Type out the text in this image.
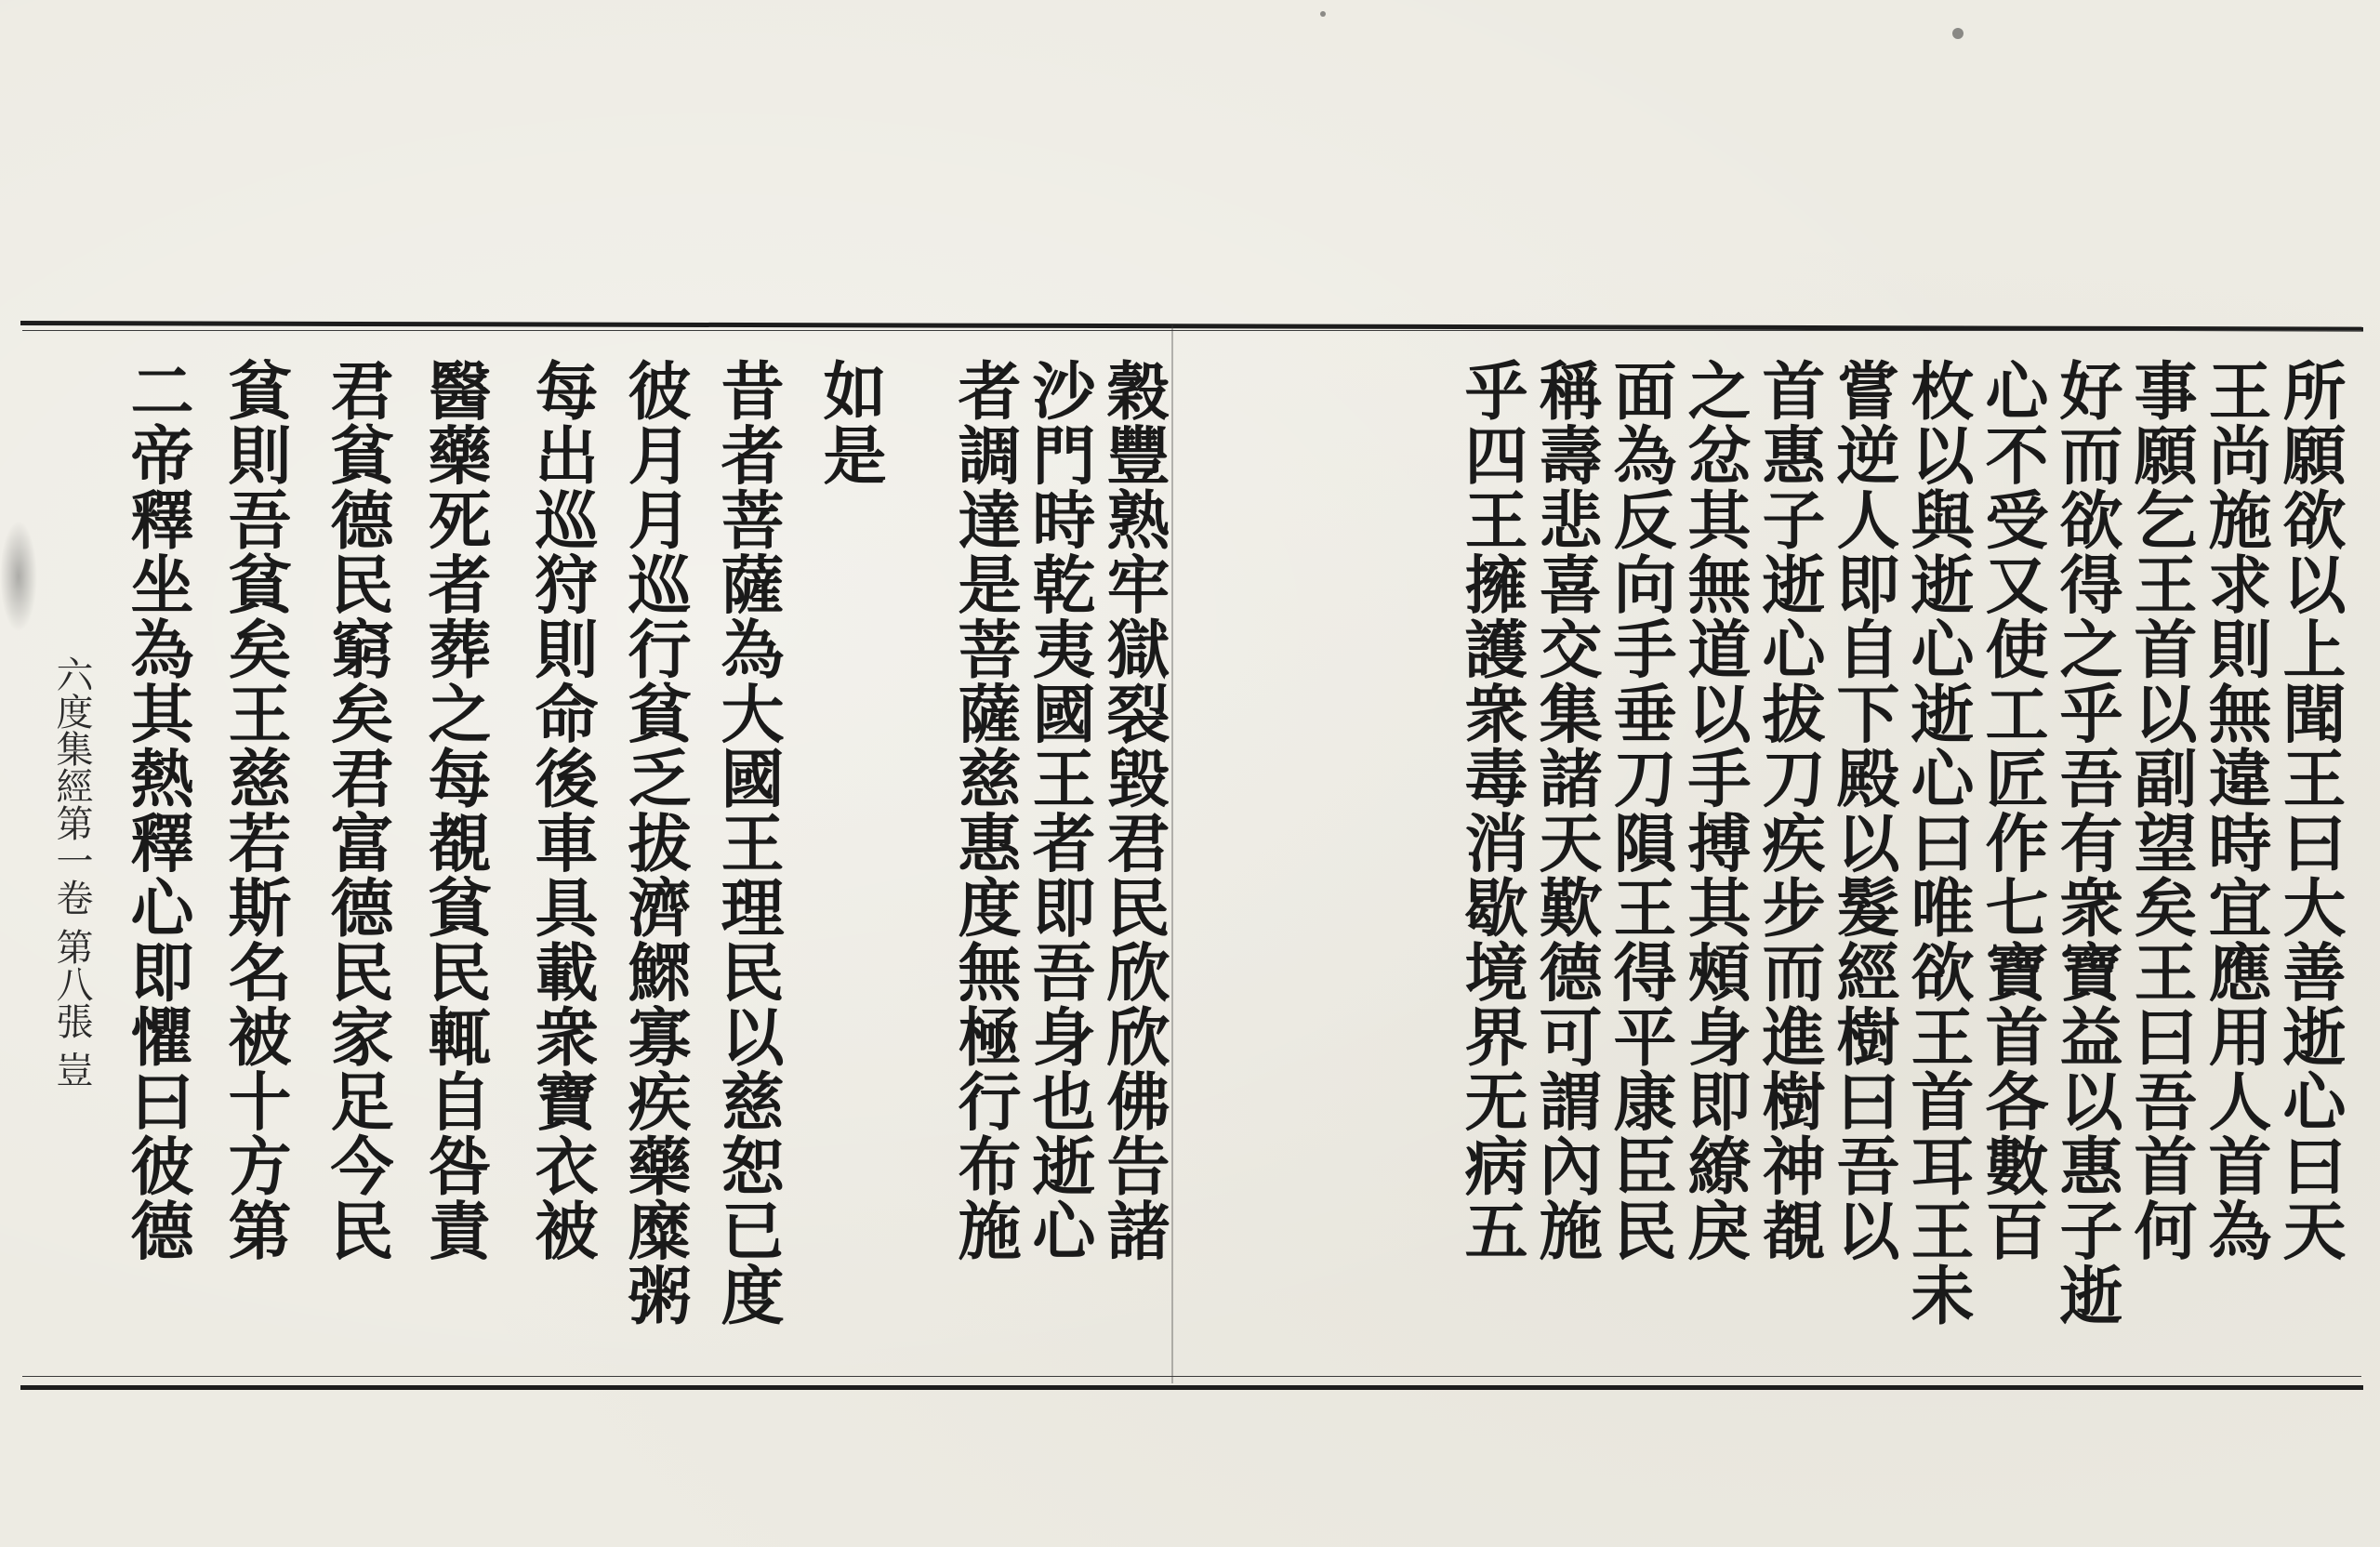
所願欲以上聞王曰大善逝心曰天
王尚施求則無違時宜應用人首為
事願乞王首以副望矣王曰吾首何
好而欲得之乎吾有衆寶益以惠子逝
心不受又使工匠作七寶首各數百
枚以與逝心逝心曰唯欲王首耳王未
嘗逆人即自下殿以髮經樹曰吾以
首惠子逝心拔刀疾步而進樹神覩
之忿其無道以手搏其頰身即繚戾
面為反向手垂刀隕王得平康臣民
稱壽悲喜交集諸天歎德可謂內施
乎四王擁護衆毒消歇境界无病五
穀豐熟牢獄裂毀君民欣欣佛告諸
沙門時乾夷國王者即吾身也逝心
者調達是菩薩慈惠度無極行布施
如是
昔者菩薩為大國王理民以慈恕已度
彼月月巡行貧乏拔濟鰥寡疾藥糜粥
每出巡狩則命後車具載衆寶衣被
醫藥死者葬之每覩貧民輒自咎責
君貧德民窮矣君富德民家足今民
貧則吾貧矣王慈若斯名被十方第
二帝釋坐為其熱釋心即懼曰彼德
六度集經第一卷 第八張 豈
